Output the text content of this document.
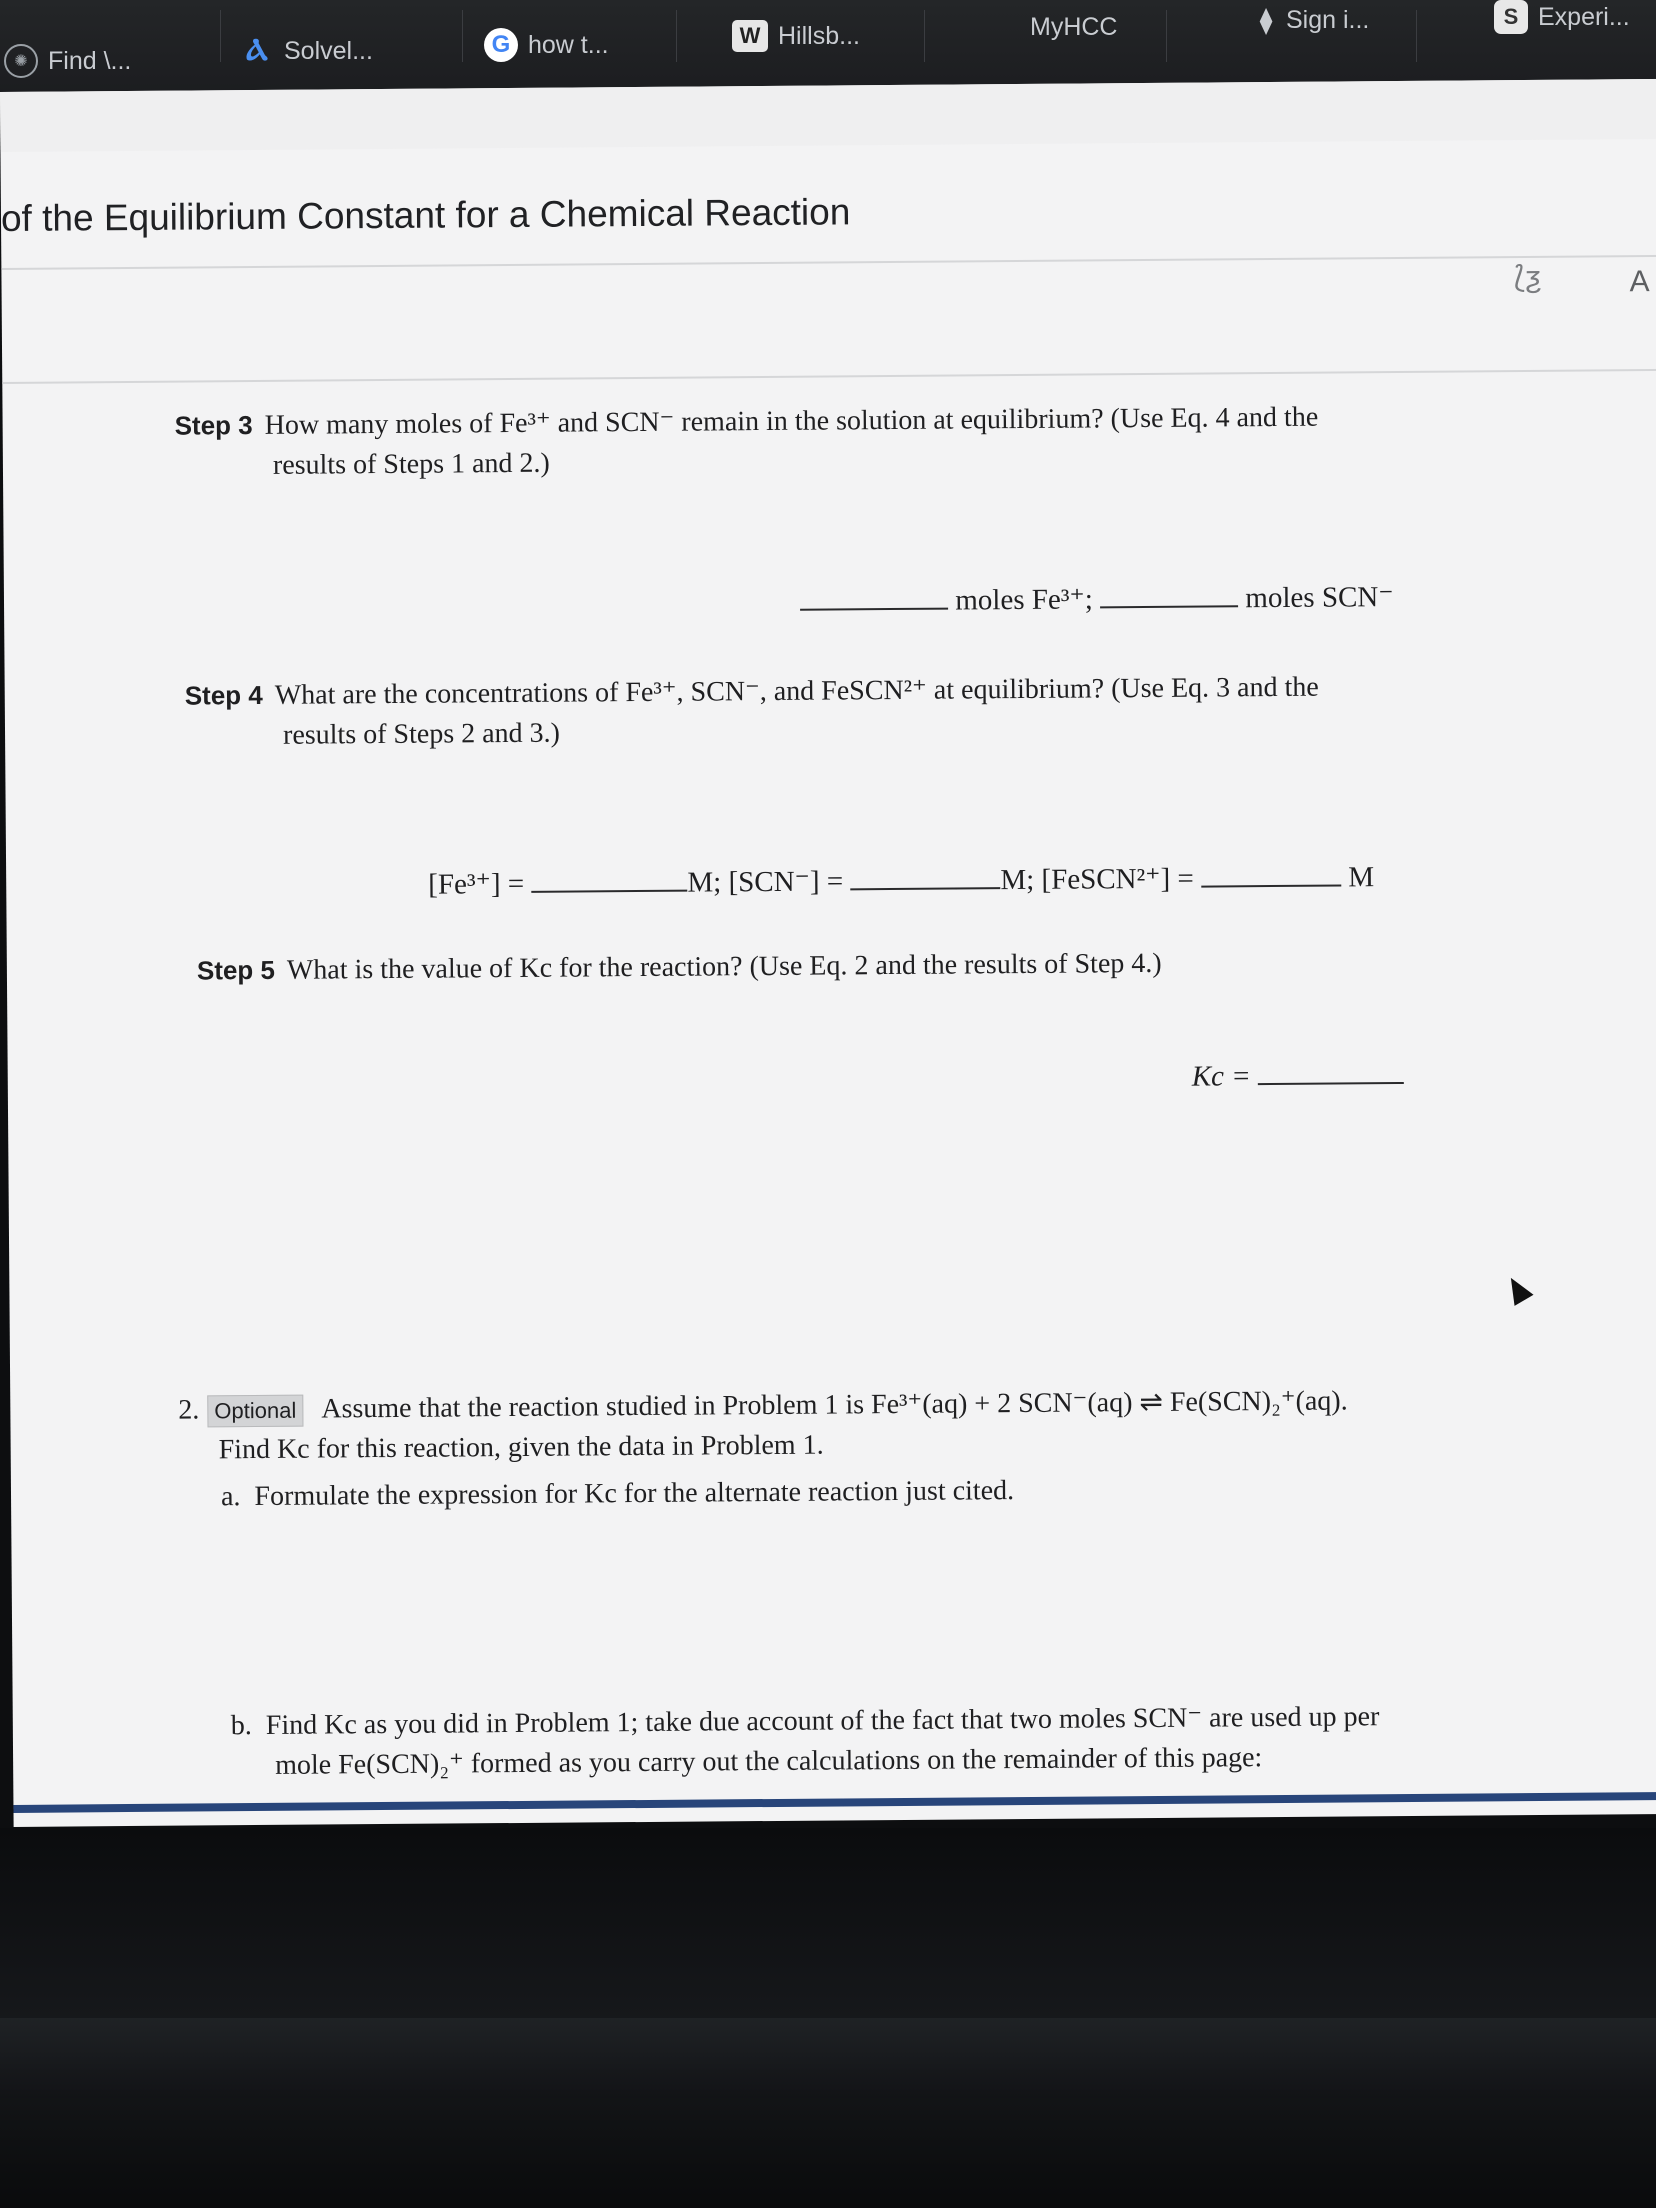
✺ Find \...	Ⲁ Solvel...	G how t...	W Hillsb...	MyHCC	⧫ Sign i...	S Experi...
of the Equilibrium Constant for a Chemical Reaction
⟅ƺ	A
Step 3 How many moles of Fe³⁺ and SCN⁻ remain in the solution at equilibrium? (Use Eq. 4 and the
results of Steps 1 and 2.)
moles Fe³⁺;	moles SCN⁻
Step 4 What are the concentrations of Fe³⁺, SCN⁻, and FeSCN²⁺ at equilibrium? (Use Eq. 3 and the
results of Steps 2 and 3.)
[Fe³⁺] =	M; [SCN⁻] =	M; [FeSCN²⁺] =	M
Step 5 What is the value of Kc for the reaction? (Use Eq. 2 and the results of Step 4.)
Kc =
2. Optional Assume that the reaction studied in Problem 1 is Fe³⁺(aq) + 2 SCN⁻(aq) ⇌ Fe(SCN)₂⁺(aq).
Find Kc for this reaction, given the data in Problem 1.
a. Formulate the expression for Kc for the alternate reaction just cited.
b. Find Kc as you did in Problem 1; take due account of the fact that two moles SCN⁻ are used up per
mole Fe(SCN)₂⁺ formed as you carry out the calculations on the remainder of this page:
